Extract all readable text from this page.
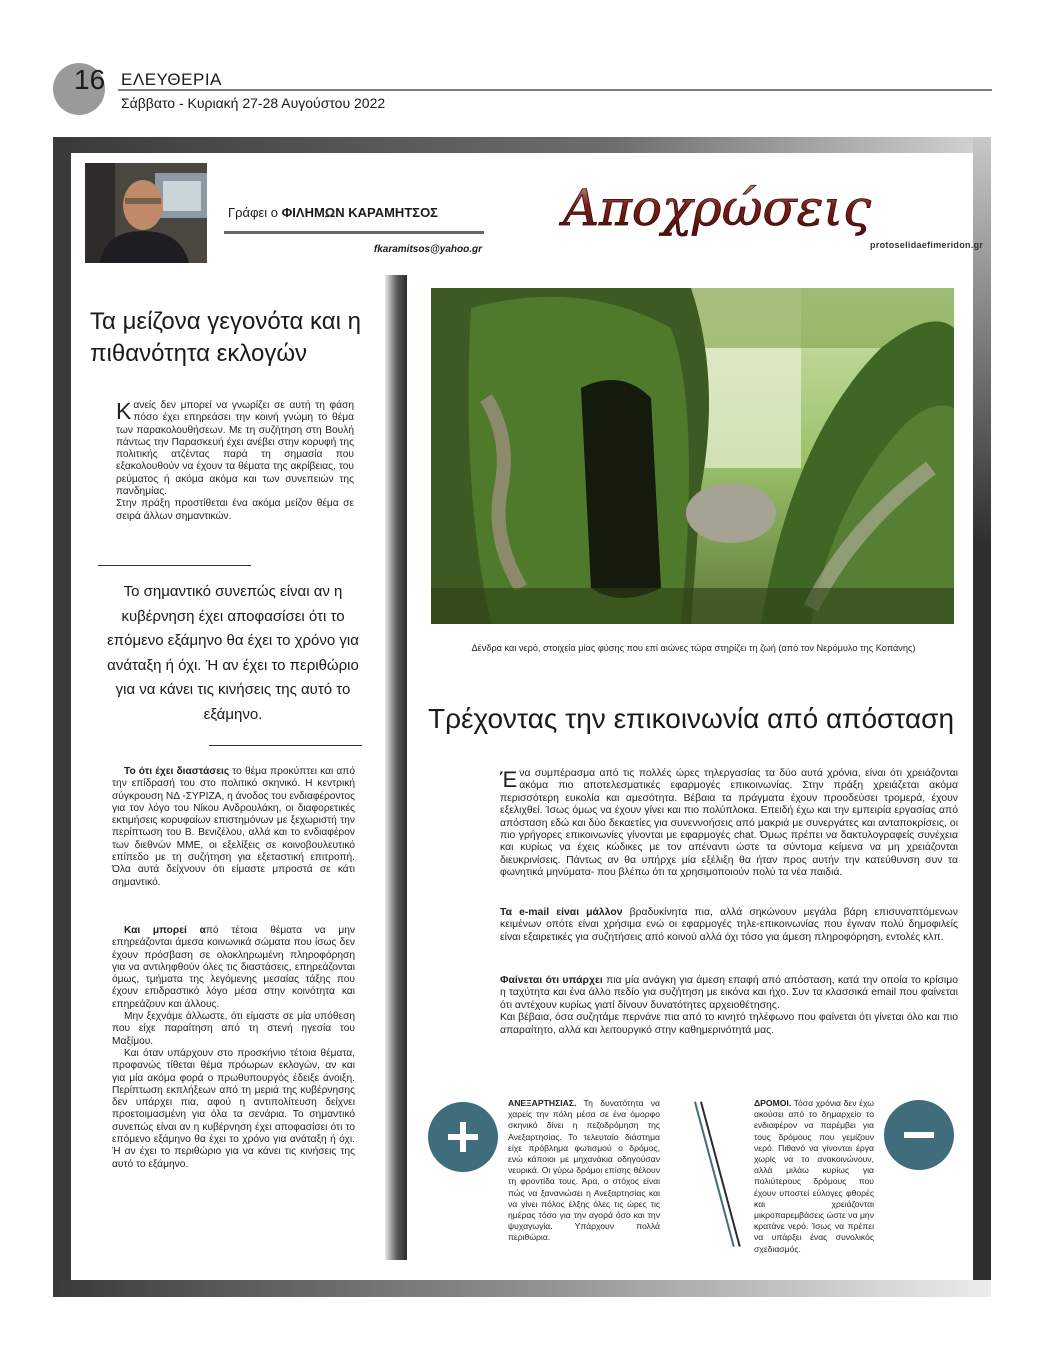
16 ΕΛΕΥΘΕΡΙΑ
Σάββατο - Κυριακή 27-28 Αυγούστου 2022
Γράφει ο ΦΙΛΗΜΩΝ ΚΑΡΑΜΗΤΣΟΣ
fkaramitsos@yahoo.gr
Αποχρώσεις
protoselidaefimeridon.gr
Τα μείζονα γεγονότα και η πιθανότητα εκλογών
Κανείς δεν μπορεί να γνωρίζει σε αυτή τη φάση πόσο έχει επηρεάσει την κοινή γνώμη το θέμα των παρακολουθήσεων. Με τη συζήτηση στη Βουλή πάντως την Παρασκευή έχει ανέβει στην κορυφή της πολιτικής ατζέντας παρά τη σημασία που εξακολουθούν να έχουν τα θέματα της ακρίβειας, του ρεύματος ή ακόμα ακόμα και των συνεπειών της πανδημίας.
Στην πράξη προστίθεται ένα ακόμα μείζον θέμα σε σειρά άλλων σημαντικών.
Το σημαντικό συνεπώς είναι αν η κυβέρνηση έχει αποφασίσει ότι το επόμενο εξάμηνο θα έχει το χρόνο για ανάταξη ή όχι. Ή αν έχει το περιθώριο για να κάνει τις κινήσεις της αυτό το εξάμηνο.

Το ότι έχει διαστάσεις το θέμα προκύπτει και από την επίδρασή του στο πολιτικό σκηνικό. Η κεντρική σύγκρουση ΝΔ -ΣΥΡΙΖΑ, η άνοδος του ενδιαφέροντος για τον λόγο του Νίκου Ανδρουλάκη, οι διαφορετικές εκτιμήσεις κορυφαίων επιστημόνων με ξεχωριστή την περίπτωση του Β. Βενιζέλου, αλλά και το ενδιαφέρον των διεθνών ΜΜΕ, οι εξελίξεις σε κοινοβουλευτικό επίπεδο με τη συζήτηση για εξεταστική επιτροπή. Όλα αυτά δείχνουν ότι είμαστε μπροστά σε κάτι σημαντικό.

Και μπορεί από τέτοια θέματα να μην επηρεάζονται άμεσα κοινωνικά σώματα που ίσως δεν έχουν πρόσβαση σε ολοκληρωμένη πληροφόρηση για να αντιληφθούν όλες τις διαστάσεις, επηρεάζονται όμως, τμήματα της λεγόμενης μεσαίας τάξης που έχουν επιδραστικό λόγο μέσα στην κοινότητα και επηρεάζουν και άλλους.

Μην ξεχνάμε άλλωστε, ότι είμαστε σε μία υπόθεση που είχε παραίτηση από τη στενή ηγεσία του Μαξίμου.

Και όταν υπάρχουν στο προσκήνιο τέτοια θέματα, προφανώς τίθεται θέμα πρόωρων εκλογών, αν και για μία ακόμα φορά ο πρωθυπουργός έδειξε άνοιξη. Περίπτωση εκπλήξεων από τη μεριά της κυβέρνησης δεν υπάρχει πια, αφού η αντιπολίτευση δείχνει προετοιμασμένη για όλα τα σενάρια. Το σημαντικό συνεπώς είναι αν η κυβέρνηση έχει αποφασίσει ότι το επόμενο εξάμηνο θα έχει το χρόνο για ανάταξη ή όχι. Ή αν έχει το περιθώριο για να κάνει τις κινήσεις της αυτό το εξάμηνο.

Δένδρα και νερό, στοιχεία μίας φύσης που επί αιώνες τώρα στηρίζει τη ζωή (από τον Νερόμυλο της Κοπάνης)
Τρέχοντας την επικοινωνία από απόσταση
Ένα συμπέρασμα από τις πολλές ώρες τηλεργασίας τα δύο αυτά χρόνια, είναι ότι χρειάζονται ακόμα πιο αποτελεσματικές εφαρμογές επικοινωνίας. Στην πράξη χρειάζεται ακόμα περισσότερη ευκολία και αμεσότητα. Βέβαια τα πράγματα έχουν προοδεύσει τρομερά, έχουν εξελιχθεί. Ίσως όμως να έχουν γίνει και πιο πολύπλοκα. Επειδή έχω και την εμπειρία εργασίας από απόσταση εδώ και δύο δεκαετίες για συνεννοήσεις από μακριά με συνεργάτες και ανταποκρίσεις, οι πιο γρήγορες επικοινωνίες γίνονται με εφαρμογές chat. Όμως πρέπει να δακτυλογραφείς συνέχεια και κυρίως να έχεις κώδικες με τον απέναντι ώστε τα σύντομα κείμενα να μη χρειάζονται διευκρινίσεις. Πάντως αν θα υπήρχε μία εξέλιξη θα ήταν προς αυτήν την κατεύθυνση συν τα φωνητικά μηνύματα- που βλέπω ότι τα χρησιμοποιούν πολύ τα νέα παιδιά.
Τα e-mail είναι μάλλον βραδυκίνητα πια, αλλά σηκώνουν μεγάλα βάρη επισυναπτόμενων κειμένων οπότε είναι χρήσιμα ενώ οι εφαρμογές τηλε-επικοινωνίας που έγιναν πολύ δημοφιλείς είναι εξαιρετικές για συζητήσεις από κοινού αλλά όχι τόσο για άμεση πληροφόρηση, εντολές κλπ.
Φαίνεται ότι υπάρχει πια μία ανάγκη για άμεση επαφή από απόσταση, κατά την οποία το κρίσιμο η ταχύτητα και ένα άλλο πεδίο για συζήτηση με εικόνα και ήχο. Συν τα κλασσικά email που φαίνεται ότι αντέχουν κυρίως γιατί δίνουν δυνατότητες αρχειοθέτησης.
Και βέβαια, όσα συζητάμε περνάνε πια από το κινητό τηλέφωνο που φαίνεται ότι γίνεται όλο και πιο απαραίτητο, αλλά και λειτουργικό στην καθημερινότητά μας.
ΑΝΕΞΑΡΤΗΣΙΑΣ. Τη δυνατότητα να χαρείς την πόλη μέσα σε ένα όμορφο σκηνικό δίνει η πεζοδρόμηση της Ανεξαρτησίας. Το τελευταίο διάστημα είχε πρόβλημα φωτισμού ο δρόμος, ενώ κάποιοι με μηχανάκια οδηγούσαν νευρικά. Οι γύρω δρόμοι επίσης θέλουν τη φροντίδα τους. Άρα, ο στόχος είναι πώς να ξανανιώσει η Ανεξαρτησίας και να γίνει πόλος έλξης όλες τις ώρες τις ημέρας τόσο για την αγορά όσο και την ψυχαγωγία. Υπάρχουν πολλά περιθώρια.
ΔΡΟΜΟΙ. Τόσα χρόνια δεν έχω ακούσει από το δημαρχείο το ενδιαφέρον να παρέμβει για τους δρόμους που γεμίζουν νερό. Πιθανό να γίνονται έργα χωρίς να το ανακοινώνουν, αλλά μιλάω κυρίως για πολιύτερους δρόμους που έχουν υποστεί εύλογες φθορές και χρειάζονται μικροπαρεμβάσεις ώστε να μην κρατάνε νερό. Ίσως να πρέπει να υπάρξει ένας συνολικός σχεδιασμός.
